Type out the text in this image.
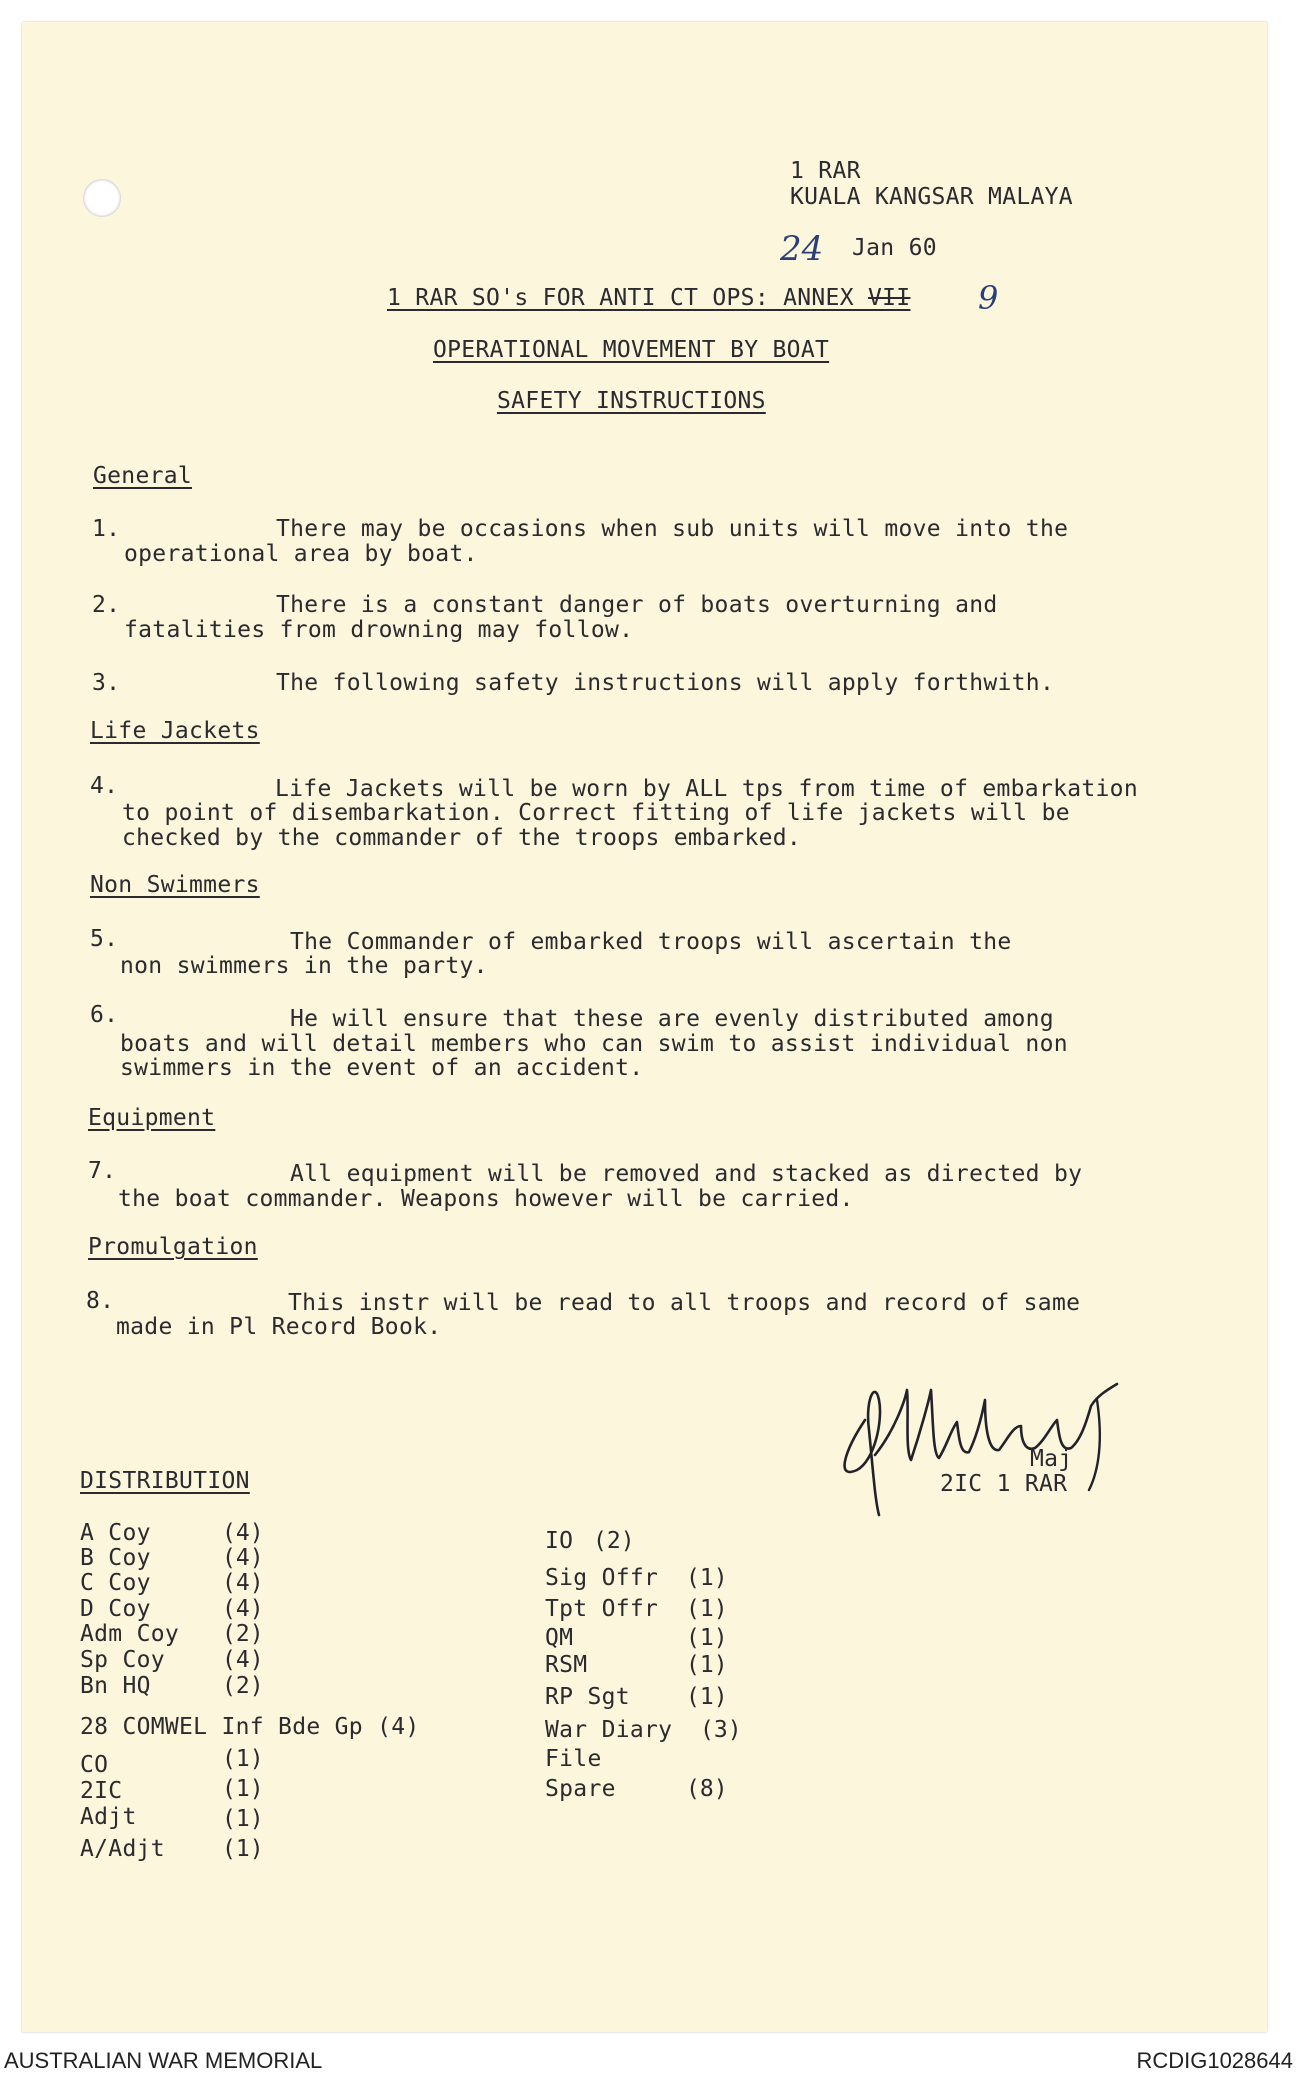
1 RAR
KUALA KANGSAR MALAYA
24 Jan 60
1 RAR SO's FOR ANTI CT OPS: ANNEX VII 9
OPERATIONAL MOVEMENT BY BOAT
SAFETY INSTRUCTIONS
General
1.	There may be occasions when sub units will move into the
operational area by boat.
2.	There is a constant danger of boats overturning and
fatalities from drowning may follow.
3.	The following safety instructions will apply forthwith.
Life Jackets
4.	Life Jackets will be worn by ALL tps from time of embarkation
to point of disembarkation. Correct fitting of life jackets will be
checked by the commander of the troops embarked.
Non Swimmers
5.	The Commander of embarked troops will ascertain the
non swimmers in the party.
6.	He will ensure that these are evenly distributed among
boats and will detail members who can swim to assist individual non
swimmers in the event of an accident.
Equipment
7.	All equipment will be removed and stacked as directed by
the boat commander. Weapons however will be carried.
Promulgation
8.	This instr will be read to all troops and record of same
made in Pl Record Book.
Maj
2IC 1 RAR
DISTRIBUTION
A Coy	(4)
B Coy	(4)
C Coy	(4)
D Coy	(4)
Adm Coy (2)
Sp Coy (4)
Bn HQ	(2)
28 COMWEL Inf Bde Gp (4)
CO	(1)
2IC	(1)
Adjt	(1)
A/Adjt (1)
IO (2)
Sig Offr (1)
Tpt Offr (1)
QM	(1)
RSM	(1)
RP Sgt (1)
War Diary (3)
File
Spare	(8)
AUSTRALIAN WAR MEMORIAL	RCDIG1028644
